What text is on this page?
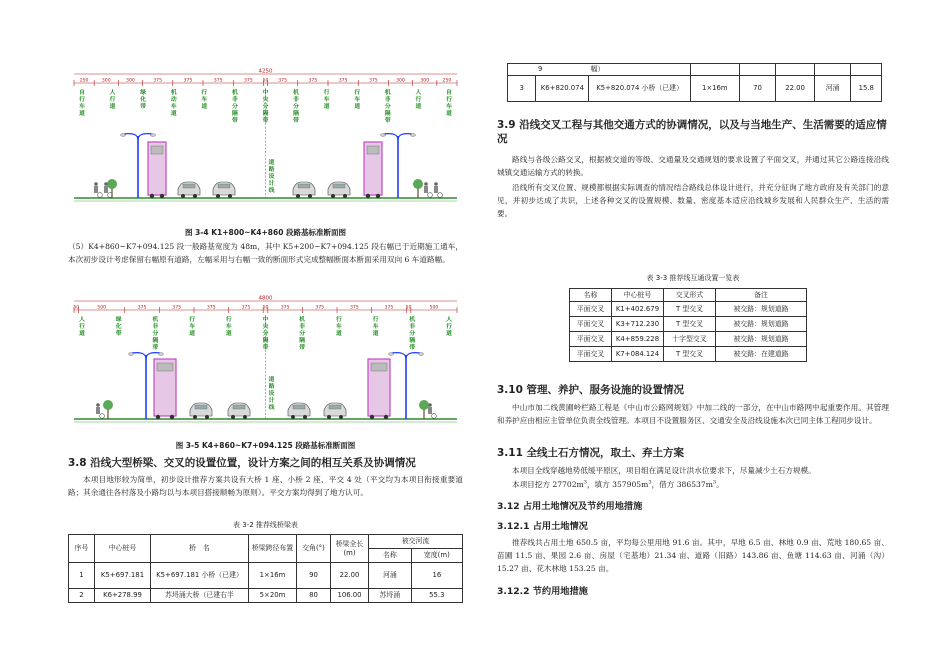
4250
250	300	300	375	375	375	375 50 375	375	375	375	300	300	250
自
行
车
道
人
行
道
绿
化
带
机
动
车
道
行
车
道
机
非
分
隔
带
中
央
分
隔
带
机
非
分
隔
带
行
车
道
行
车
道
机
非
分
隔
带
人
行
道
自
行
车
道
道
路
设
计
线
图 3-4 K1+800~K4+860 段路基标准断面图
（5）K4+860~K7+094.125 段一般路基宽度为 48m，其中 K5+200~K7+094.125 段右幅已于近期施工通车，本次初步设计考虑保留右幅原有道路，左幅采用与右幅一致的断面形式完成整幅断面本断面采用双向 6 车道路幅。
4800
50	500	375	375	375	375	50	375	375	375	375	50	500
人
行
道
绿
化
带
机
非
分
隔
带
行
车
道
行
车
道
中
央
分
隔
带
机
非
分
隔
带
行
车
道
行
车
道
机
非
分
隔
带
人
行
道
道
路
设
计
线
图 3-5 K4+860~K7+094.125 段路基标准断面图
3.8 沿线大型桥梁、交叉的设置位置，设计方案之间的相互关系及协调情况
本项目地形较为简单，初步设计推荐方案共设有大桥 1 座、小桥 2 座、平交 4 处（平交均为本项目衔接重要道路；其余通往各村落及小路均以与本项目搭接顺畅为原则）。平交方案均得到了地方认可。
表 3-2 推荐线桥梁表
序号	中心桩号	桥　名	桥梁跨径布置	交角(°)	桥梁全长(m)	被交河流	
						名称	宽度(m)
1	K5+697.181	K5+697.181 小桥（已建）	1×16m	90	22.00	河涌	16
2	K6+278.99	苏埒涌大桥（已建右半	5×20m	80	106.00	苏埒涌	55.3
9　　　　　　　幅）							
3	K6+820.074	K5+820.074 小桥（已建）	1×16m	70	22.00	河涌	15.8
3.9 沿线交叉工程与其他交通方式的协调情况，以及与当地生产、生活需要的适应情况
路线与各级公路交叉，根据被交道的等级、交通量及交通规划的要求设置了平面交叉，并通过其它公路连接沿线城镇交通运输方式的转换。
沿线所有交叉位置、规模都根据实际调查的情况结合路线总体设计进行，并充分征询了地方政府及有关部门的意见，并初步达成了共识，上述各种交叉的设置规模、数量、密度基本适应沿线城乡发展和人民群众生产、生活的需要。
表 3-3 推荐线互通设置一览表
名称	中心桩号	交叉形式	备注
平面交叉	K1+402.679	T 型交叉	被交路：规划道路
平面交叉	K3+712.230	T 型交叉	被交路：规划道路
平面交叉	K4+859.228	十字型交叉	被交路：规划道路
平面交叉	K7+084.124	T 型交叉	被交路：在建道路
3.10 管理、养护、服务设施的设置情况
中山市加二线黄圃岭栏路工程是《中山市公路网规划》中加二线的一部分，在中山市路网中起重要作用。其管理和养护应由相应主管单位负责全线管理。本项目不设置服务区、交通安全及沿线设施本次已同主体工程同步设计。
3.11 全线土石方情况，取土、弃土方案
本项目全线穿越地势低缓平原区，项目组在满足设计洪水位要求下，尽量减少土石方规模。
本项目挖方 $27702m^3$，填方 $357905m^3$，借方 $386537m^3$。
3.12 占用土地情况及节约用地措施
3.12.1 占用土地情况
推荐线共占用土地 650.5 亩，平均每公里用地 91.6 亩。其中，早地 6.5 亩、林地 0.9 亩、荒地 180.65 亩、苗圃 11.5 亩、果园 2.6 亩、房屋（宅基地）21.34 亩、道路（旧路）143.86 亩、鱼塘 114.63 亩、河涌（沟）15.27 亩、花木林地 153.25 亩。
3.12.2 节约用地措施
